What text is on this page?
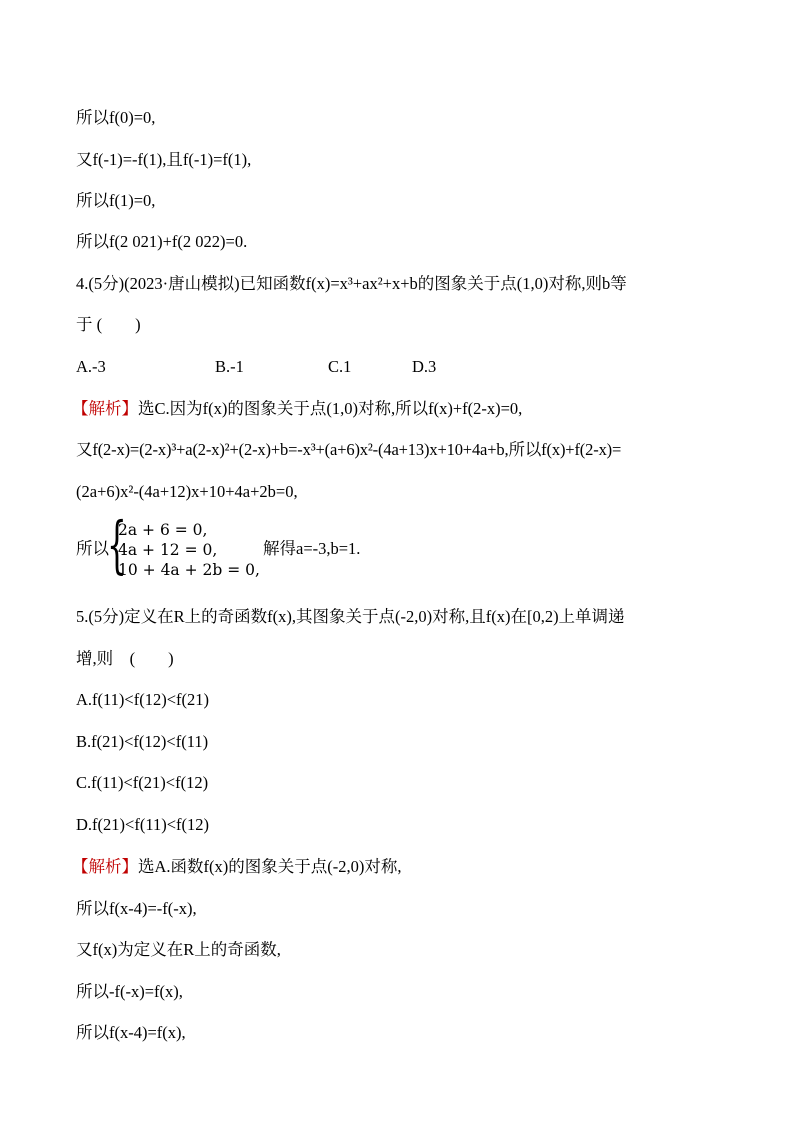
所以f(0)=0,
又f(-1)=-f(1),且f(-1)=f(1),
所以f(1)=0,
所以f(2 021)+f(2 022)=0.
4.(5分)(2023·唐山模拟)已知函数f(x)=x³+ax²+x+b的图象关于点(1,0)对称,则b等
于 (　　)
A.-3	B.-1	C.1	D.3
【解析】选C.因为f(x)的图象关于点(1,0)对称,所以f(x)+f(2-x)=0,
又f(2-x)=(2-x)³+a(2-x)²+(2-x)+b=-x³+(a+6)x²-(4a+13)x+10+4a+b,所以f(x)+f(2-x)=
(2a+6)x²-(4a+12)x+10+4a+2b=0,
所以
{
2a + 6 = 0,
4a + 12 = 0,
10 + 4a + 2b = 0,
解得a=-3,b=1.
5.(5分)定义在R上的奇函数f(x),其图象关于点(-2,0)对称,且f(x)在[0,2)上单调递
增,则　(　　)
A.f(11)<f(12)<f(21)
B.f(21)<f(12)<f(11)
C.f(11)<f(21)<f(12)
D.f(21)<f(11)<f(12)
【解析】选A.函数f(x)的图象关于点(-2,0)对称,
所以f(x-4)=-f(-x),
又f(x)为定义在R上的奇函数,
所以-f(-x)=f(x),
所以f(x-4)=f(x),
